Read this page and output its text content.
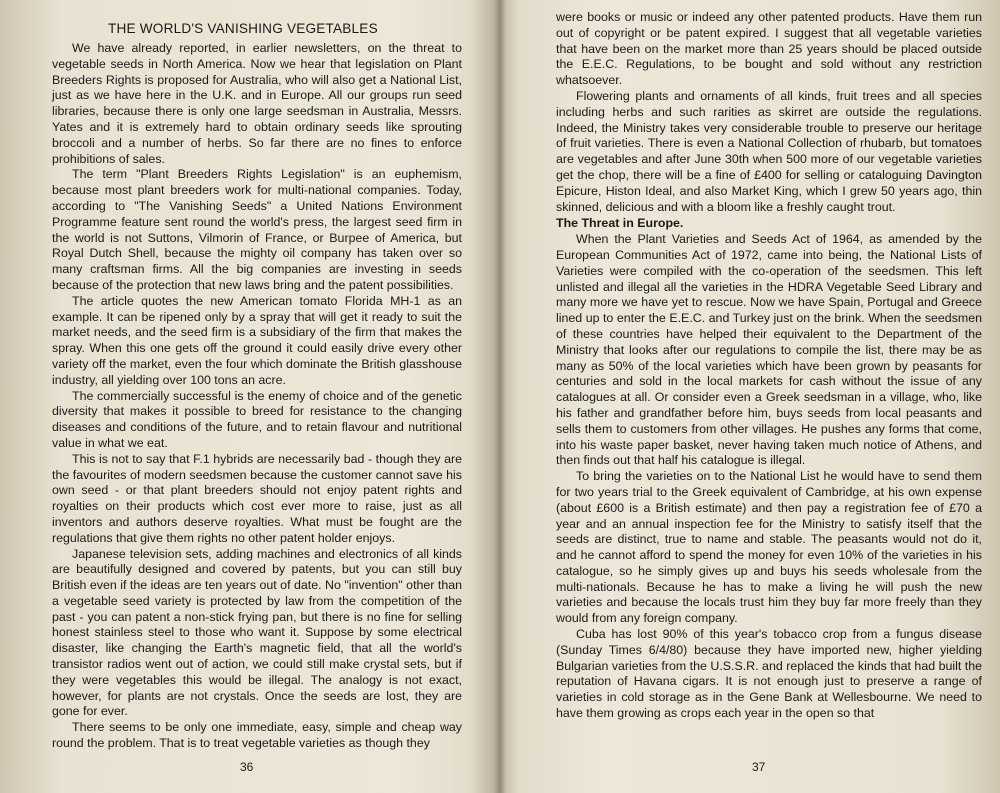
THE WORLD'S VANISHING VEGETABLES

We have already reported, in earlier newsletters, on the threat to vegetable seeds in North America. Now we hear that legislation on Plant Breeders Rights is proposed for Australia, who will also get a National List, just as we have here in the U.K. and in Europe. All our groups run seed libraries, because there is only one large seedsman in Australia, Messrs. Yates and it is extremely hard to obtain ordinary seeds like sprouting broccoli and a number of herbs. So far there are no fines to enforce prohibitions of sales.

The term "Plant Breeders Rights Legislation" is an euphemism, because most plant breeders work for multi-national companies. Today, according to "The Vanishing Seeds" a United Nations Environment Programme feature sent round the world's press, the largest seed firm in the world is not Suttons, Vilmorin of France, or Burpee of America, but Royal Dutch Shell, because the mighty oil company has taken over so many craftsman firms. All the big companies are investing in seeds because of the protection that new laws bring and the patent possibilities.

The article quotes the new American tomato Florida MH-1 as an example. It can be ripened only by a spray that will get it ready to suit the market needs, and the seed firm is a subsidiary of the firm that makes the spray. When this one gets off the ground it could easily drive every other variety off the market, even the four which dominate the British glasshouse industry, all yielding over 100 tons an acre.

The commercially successful is the enemy of choice and of the genetic diversity that makes it possible to breed for resistance to the changing diseases and conditions of the future, and to retain flavour and nutritional value in what we eat.

This is not to say that F.1 hybrids are necessarily bad - though they are the favourites of modern seedsmen because the customer cannot save his own seed - or that plant breeders should not enjoy patent rights and royalties on their products which cost ever more to raise, just as all inventors and authors deserve royalties. What must be fought are the regulations that give them rights no other patent holder enjoys.

Japanese television sets, adding machines and electronics of all kinds are beautifully designed and covered by patents, but you can still buy British even if the ideas are ten years out of date. No "invention" other than a vegetable seed variety is protected by law from the competition of the past - you can patent a non-stick frying pan, but there is no fine for selling honest stainless steel to those who want it. Suppose by some electrical disaster, like changing the Earth's magnetic field, that all the world's transistor radios went out of action, we could still make crystal sets, but if they were vegetables this would be illegal. The analogy is not exact, however, for plants are not crystals. Once the seeds are lost, they are gone for ever.

There seems to be only one immediate, easy, simple and cheap way round the problem. That is to treat vegetable varieties as though they

36

were books or music or indeed any other patented products. Have them run out of copyright or be patent expired. I suggest that all vegetable varieties that have been on the market more than 25 years should be placed outside the E.E.C. Regulations, to be bought and sold without any restriction whatsoever.

Flowering plants and ornaments of all kinds, fruit trees and all species including herbs and such rarities as skirret are outside the regulations. Indeed, the Ministry takes very considerable trouble to preserve our heritage of fruit varieties. There is even a National Collection of rhubarb, but tomatoes are vegetables and after June 30th when 500 more of our vegetable varieties get the chop, there will be a fine of £400 for selling or cataloguing Davington Epicure, Histon Ideal, and also Market King, which I grew 50 years ago, thin skinned, delicious and with a bloom like a freshly caught trout.

The Threat in Europe.

When the Plant Varieties and Seeds Act of 1964, as amended by the European Communities Act of 1972, came into being, the National Lists of Varieties were compiled with the co-operation of the seedsmen. This left unlisted and illegal all the varieties in the HDRA Vegetable Seed Library and many more we have yet to rescue. Now we have Spain, Portugal and Greece lined up to enter the E.E.C. and Turkey just on the brink. When the seedsmen of these countries have helped their equivalent to the Department of the Ministry that looks after our regulations to compile the list, there may be as many as 50% of the local varieties which have been grown by peasants for centuries and sold in the local markets for cash without the issue of any catalogues at all. Or consider even a Greek seedsman in a village, who, like his father and grandfather before him, buys seeds from local peasants and sells them to customers from other villages. He pushes any forms that come, into his waste paper basket, never having taken much notice of Athens, and then finds out that half his catalogue is illegal.

To bring the varieties on to the National List he would have to send them for two years trial to the Greek equivalent of Cambridge, at his own expense (about £600 is a British estimate) and then pay a registration fee of £70 a year and an annual inspection fee for the Ministry to satisfy itself that the seeds are distinct, true to name and stable. The peasants would not do it, and he cannot afford to spend the money for even 10% of the varieties in his catalogue, so he simply gives up and buys his seeds wholesale from the multi-nationals. Because he has to make a living he will push the new varieties and because the locals trust him they buy far more freely than they would from any foreign company.

Cuba has lost 90% of this year's tobacco crop from a fungus disease (Sunday Times 6/4/80) because they have imported new, higher yielding Bulgarian varieties from the U.S.S.R. and replaced the kinds that had built the reputation of Havana cigars. It is not enough just to preserve a range of varieties in cold storage as in the Gene Bank at Wellesbourne. We need to have them growing as crops each year in the open so that

37
